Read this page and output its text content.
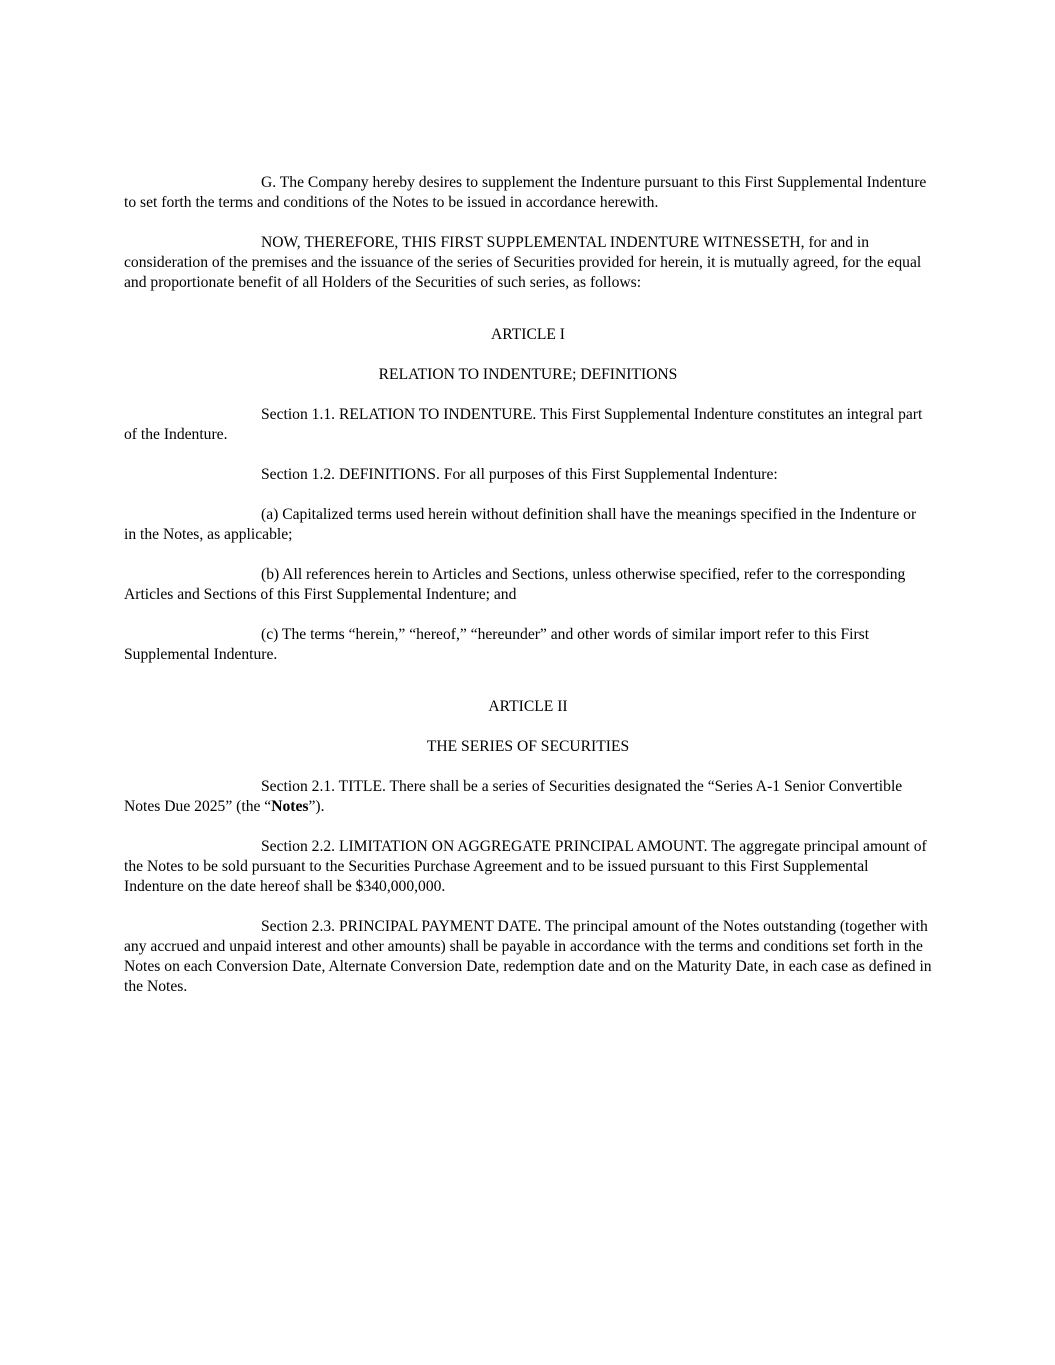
G. The Company hereby desires to supplement the Indenture pursuant to this First Supplemental Indenture to set forth the terms and conditions of the Notes to be issued in accordance herewith.

NOW, THEREFORE, THIS FIRST SUPPLEMENTAL INDENTURE WITNESSETH, for and in consideration of the premises and the issuance of the series of Securities provided for herein, it is mutually agreed, for the equal and proportionate benefit of all Holders of the Securities of such series, as follows:

ARTICLE I

RELATION TO INDENTURE; DEFINITIONS

Section 1.1. RELATION TO INDENTURE. This First Supplemental Indenture constitutes an integral part of the Indenture.

Section 1.2. DEFINITIONS. For all purposes of this First Supplemental Indenture:

(a) Capitalized terms used herein without definition shall have the meanings specified in the Indenture or in the Notes, as applicable;

(b) All references herein to Articles and Sections, unless otherwise specified, refer to the corresponding Articles and Sections of this First Supplemental Indenture; and

(c) The terms “herein,” “hereof,” “hereunder” and other words of similar import refer to this First Supplemental Indenture.

ARTICLE II

THE SERIES OF SECURITIES

Section 2.1. TITLE. There shall be a series of Securities designated the “Series A-1 Senior Convertible Notes Due 2025” (the “Notes”).

Section 2.2. LIMITATION ON AGGREGATE PRINCIPAL AMOUNT. The aggregate principal amount of the Notes to be sold pursuant to the Securities Purchase Agreement and to be issued pursuant to this First Supplemental Indenture on the date hereof shall be $340,000,000.

Section 2.3. PRINCIPAL PAYMENT DATE. The principal amount of the Notes outstanding (together with any accrued and unpaid interest and other amounts) shall be payable in accordance with the terms and conditions set forth in the Notes on each Conversion Date, Alternate Conversion Date, redemption date and on the Maturity Date, in each case as defined in the Notes.
